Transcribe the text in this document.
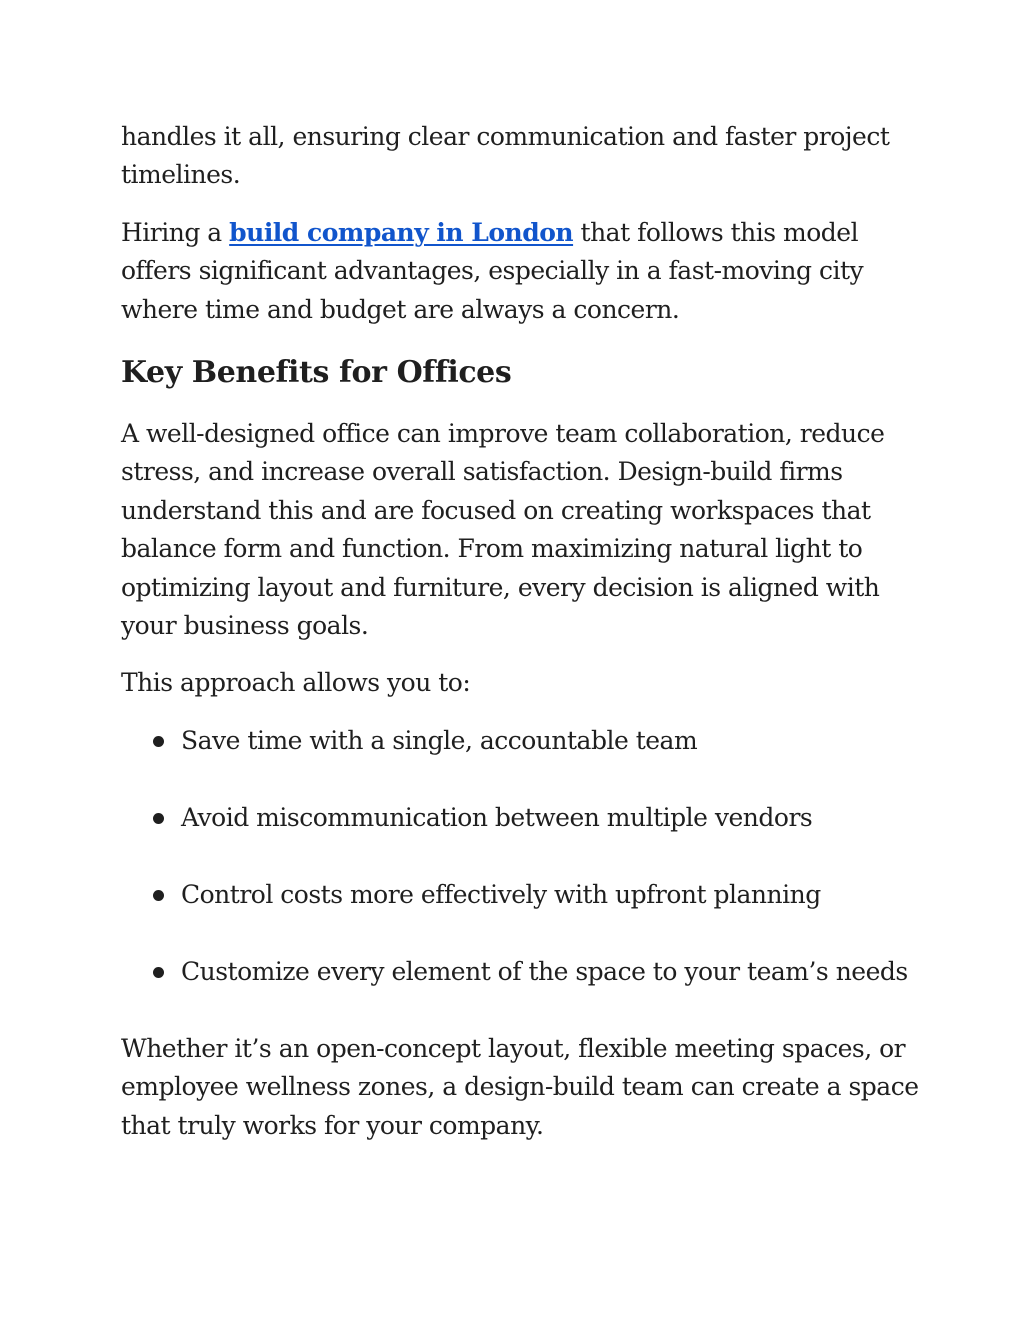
handles it all, ensuring clear communication and faster project timelines.

Hiring a build company in London that follows this model offers significant advantages, especially in a fast-moving city where time and budget are always a concern.

Key Benefits for Offices

A well-designed office can improve team collaboration, reduce stress, and increase overall satisfaction. Design-build firms understand this and are focused on creating workspaces that balance form and function. From maximizing natural light to optimizing layout and furniture, every decision is aligned with your business goals.

This approach allows you to:

Save time with a single, accountable team
Avoid miscommunication between multiple vendors
Control costs more effectively with upfront planning
Customize every element of the space to your team’s needs

Whether it’s an open-concept layout, flexible meeting spaces, or employee wellness zones, a design-build team can create a space that truly works for your company.
